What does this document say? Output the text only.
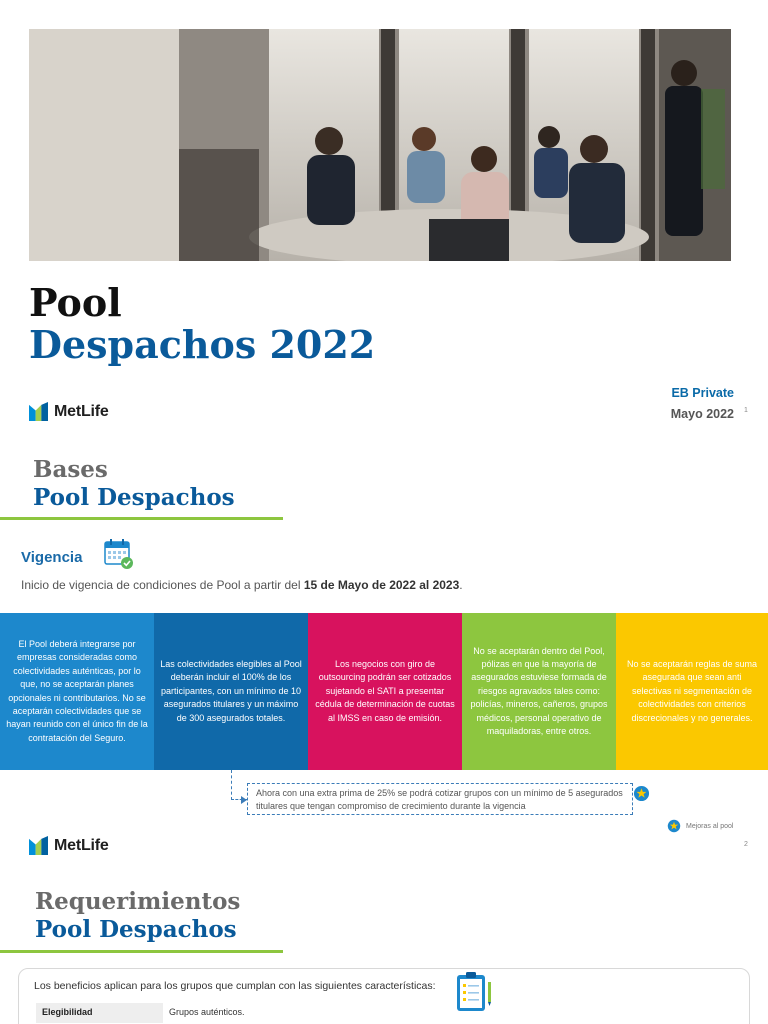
Pool
Despachos 2022
MetLife
EB Private
Mayo 2022 1
Bases
Pool Despachos
Vigencia
Inicio de vigencia de condiciones de Pool a partir del 15 de Mayo de 2022 al 2023.
El Pool deberá integrarse por empresas consideradas como colectividades auténticas, por lo que, no se aceptarán planes opcionales ni contributarios. No se aceptarán colectividades que se hayan reunido con el único fin de la contratación del Seguro.
Las colectividades elegibles al Pool deberán incluir el 100% de los participantes, con un mínimo de 10 asegurados titulares y un máximo de 300 asegurados totales.
Los negocios con giro de outsourcing podrán ser cotizados sujetando el SATI a presentar cédula de determinación de cuotas al IMSS en caso de emisión.
No se aceptarán dentro del Pool, pólizas en que la mayoría de asegurados estuviese formada de riesgos agravados tales como: policías, mineros, cañeros, grupos médicos, personal operativo de maquiladoras, entre otros.
No se aceptarán reglas de suma asegurada que sean anti selectivas ni segmentación de colectividades con criterios discrecionales y no generales.
Ahora con una extra prima de 25% se podrá cotizar grupos con un mínimo de 5 asegurados titulares que tengan compromiso de crecimiento durante la vigencia
Mejoras al pool
MetLife	2
Requerimientos
Pool Despachos
Los beneficios aplican para los grupos que cumplan con las siguientes características:
Elegibilidad	Grupos auténticos.
